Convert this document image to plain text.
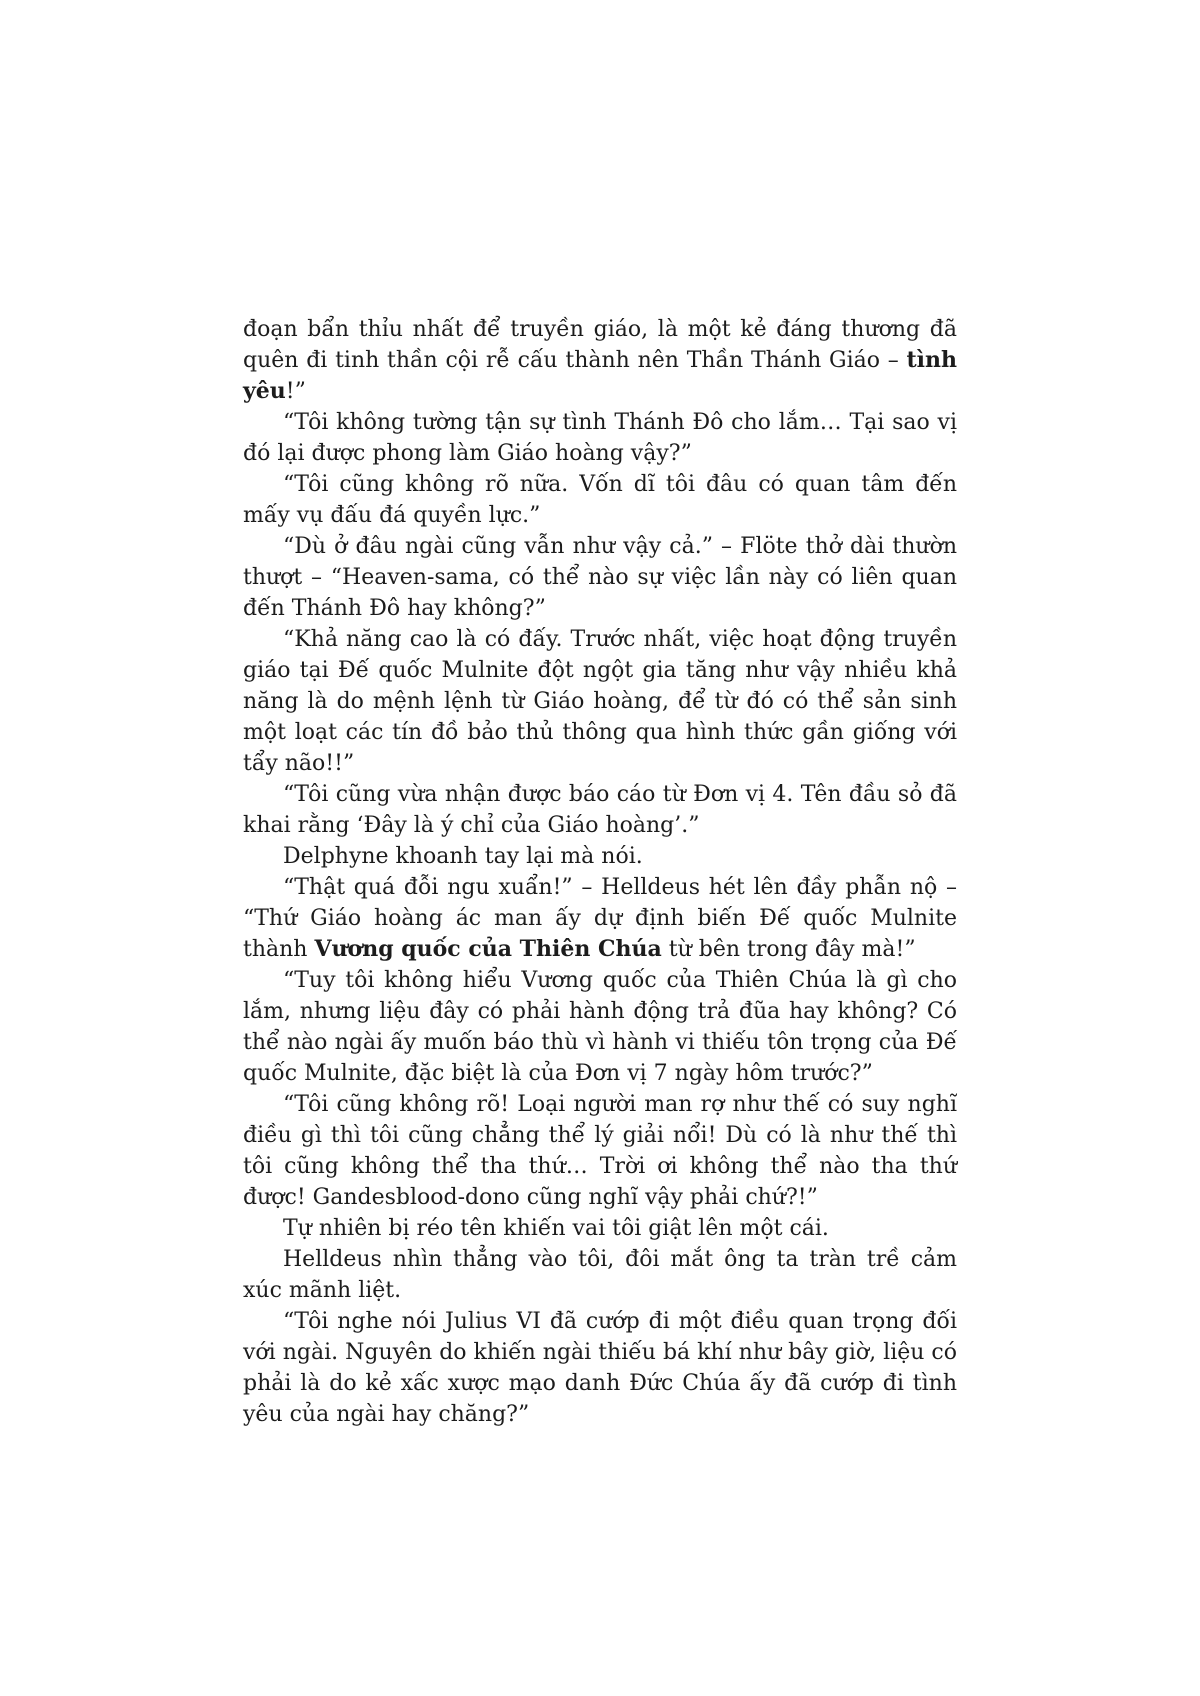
đoạn bẩn thỉu nhất để truyền giáo, là một kẻ đáng thương đã quên đi tinh thần cội rễ cấu thành nên Thần Thánh Giáo – tình yêu!”

“Tôi không tường tận sự tình Thánh Đô cho lắm… Tại sao vị đó lại được phong làm Giáo hoàng vậy?”

“Tôi cũng không rõ nữa. Vốn dĩ tôi đâu có quan tâm đến mấy vụ đấu đá quyền lực.”

“Dù ở đâu ngài cũng vẫn như vậy cả.” – Flöte thở dài thườn thượt – “Heaven-sama, có thể nào sự việc lần này có liên quan đến Thánh Đô hay không?”

“Khả năng cao là có đấy. Trước nhất, việc hoạt động truyền giáo tại Đế quốc Mulnite đột ngột gia tăng như vậy nhiều khả năng là do mệnh lệnh từ Giáo hoàng, để từ đó có thể sản sinh một loạt các tín đồ bảo thủ thông qua hình thức gần giống với tẩy não!!”

“Tôi cũng vừa nhận được báo cáo từ Đơn vị 4. Tên đầu sỏ đã khai rằng ‘Đây là ý chỉ của Giáo hoàng’.”

Delphyne khoanh tay lại mà nói.

“Thật quá đỗi ngu xuẩn!” – Helldeus hét lên đầy phẫn nộ – “Thứ Giáo hoàng ác man ấy dự định biến Đế quốc Mulnite thành Vương quốc của Thiên Chúa từ bên trong đây mà!”

“Tuy tôi không hiểu Vương quốc của Thiên Chúa là gì cho lắm, nhưng liệu đây có phải hành động trả đũa hay không? Có thể nào ngài ấy muốn báo thù vì hành vi thiếu tôn trọng của Đế quốc Mulnite, đặc biệt là của Đơn vị 7 ngày hôm trước?”

“Tôi cũng không rõ! Loại người man rợ như thế có suy nghĩ điều gì thì tôi cũng chẳng thể lý giải nổi! Dù có là như thế thì tôi cũng không thể tha thứ… Trời ơi không thể nào tha thứ được! Gandesblood-dono cũng nghĩ vậy phải chứ?!”

Tự nhiên bị réo tên khiến vai tôi giật lên một cái.

Helldeus nhìn thẳng vào tôi, đôi mắt ông ta tràn trề cảm xúc mãnh liệt.

“Tôi nghe nói Julius VI đã cướp đi một điều quan trọng đối với ngài. Nguyên do khiến ngài thiếu bá khí như bây giờ, liệu có phải là do kẻ xấc xược mạo danh Đức Chúa ấy đã cướp đi tình yêu của ngài hay chăng?”
